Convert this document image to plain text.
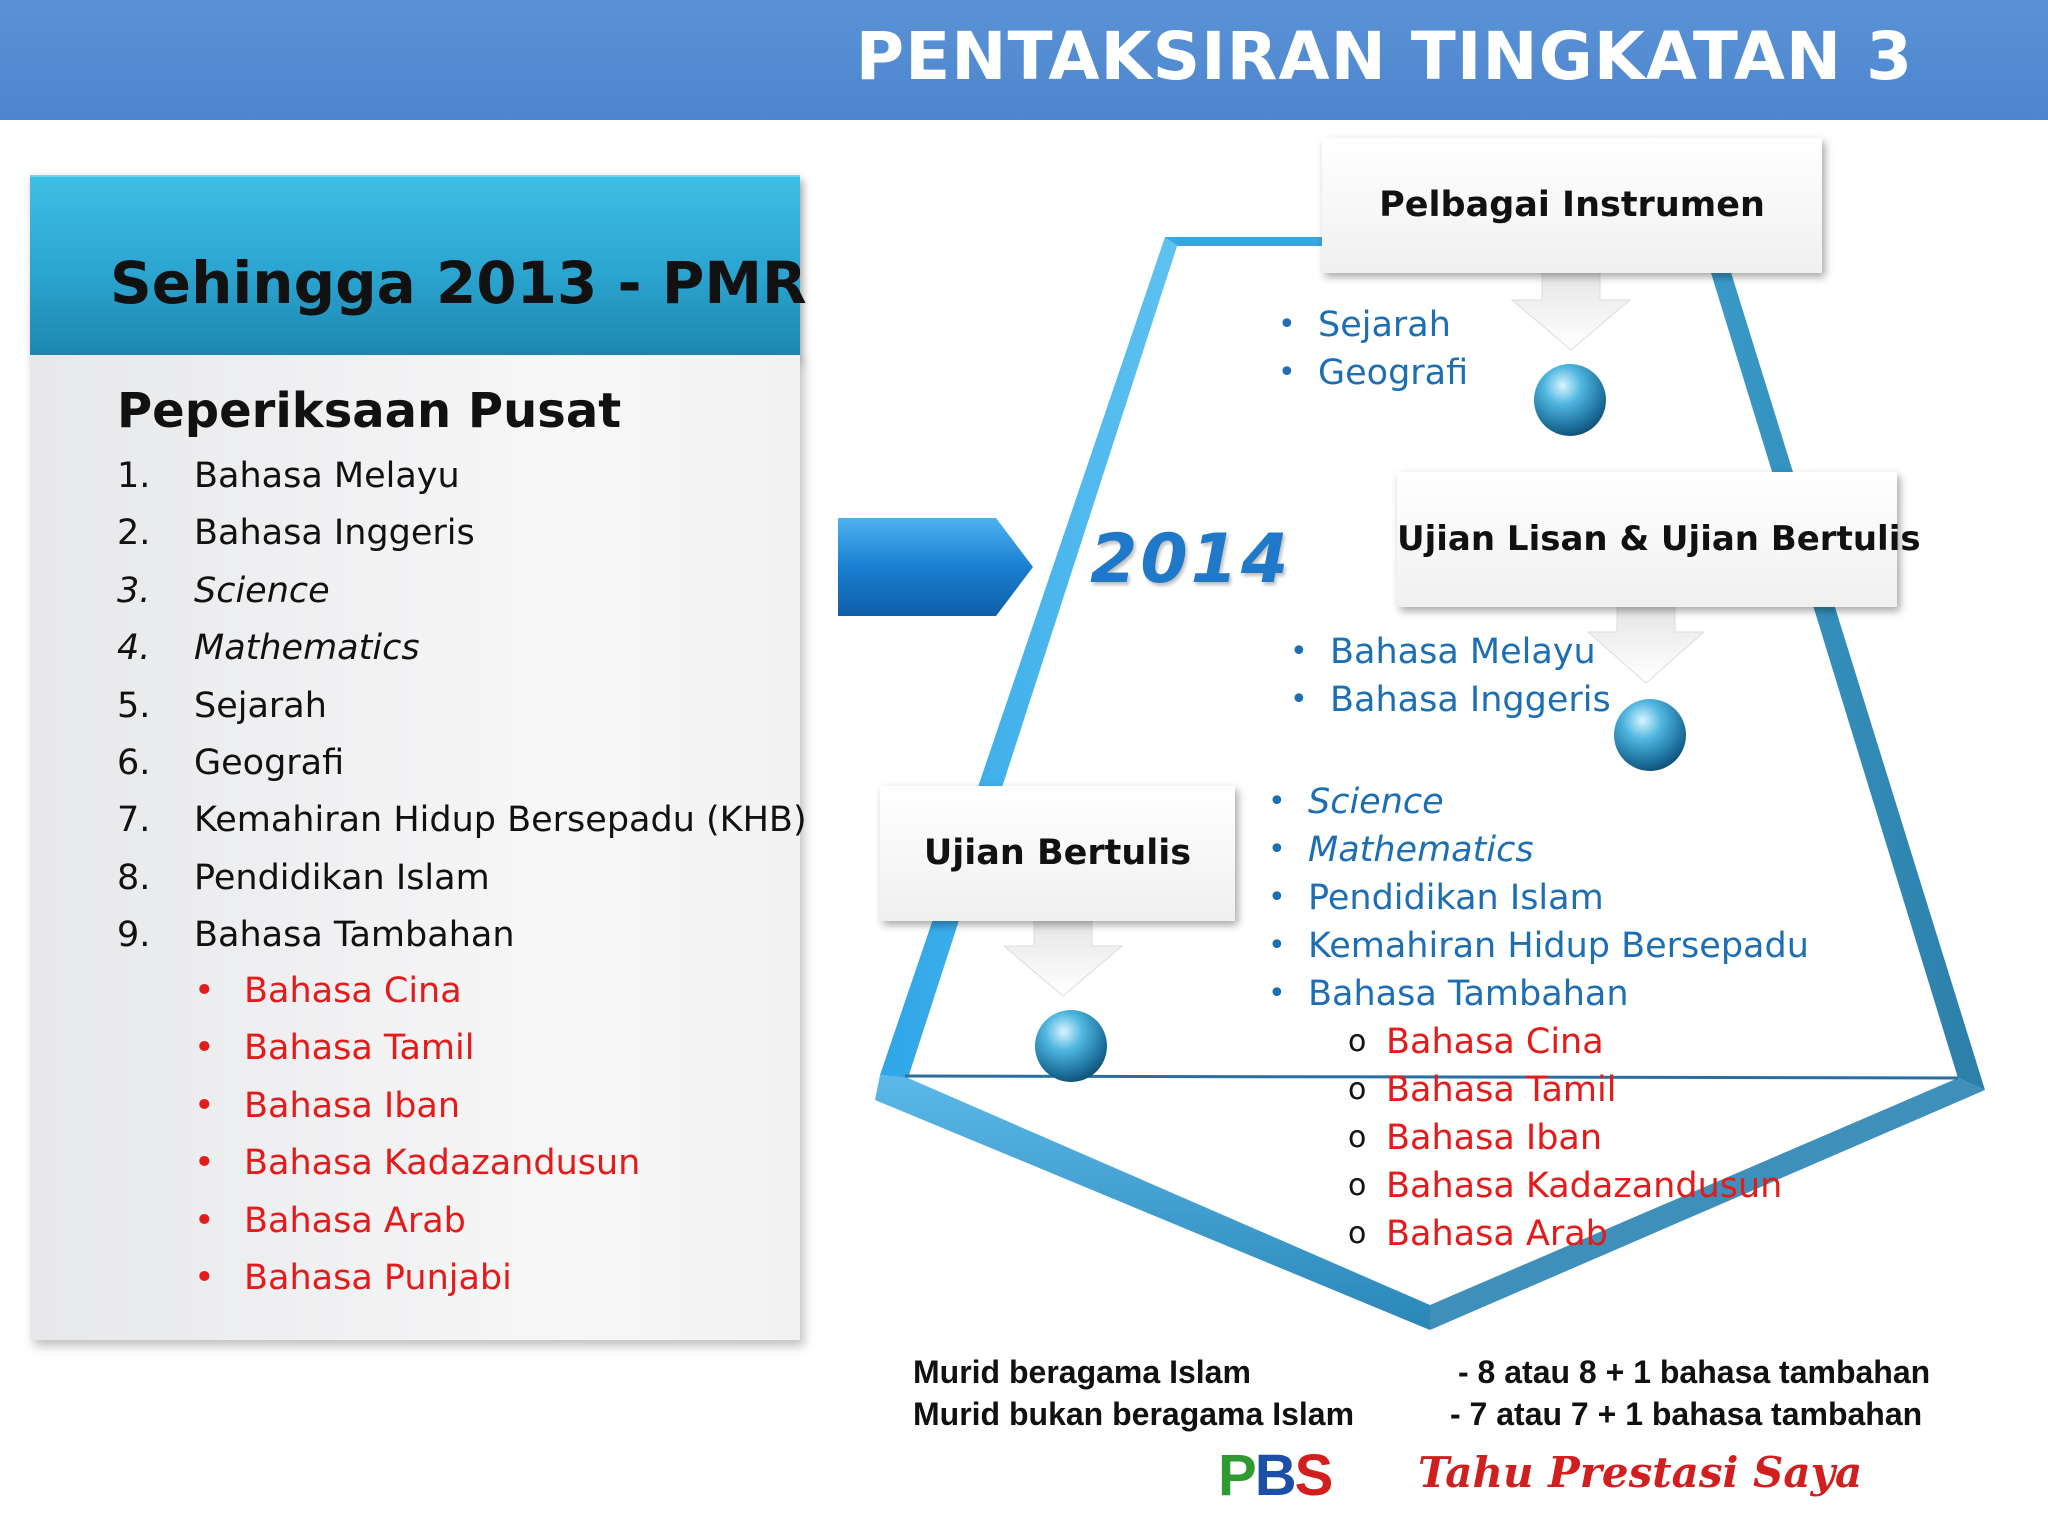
PENTAKSIRAN TINGKATAN 3
Sehingga 2013 - PMR
Peperiksaan Pusat
1. Bahasa Melayu
2. Bahasa Inggeris
3. Science
4. Mathematics
5. Sejarah
6. Geografi
7. Kemahiran Hidup Bersepadu (KHB)
8. Pendidikan Islam
9. Bahasa Tambahan
• Bahasa Cina
• Bahasa Tamil
• Bahasa Iban
• Bahasa Kadazandusun
• Bahasa Arab
• Bahasa Punjabi
2014
Pelbagai Instrumen
Ujian Lisan & Ujian Bertulis
Ujian Bertulis
• Sejarah
• Geografi
• Bahasa Melayu
• Bahasa Inggeris
• Science
• Mathematics
• Pendidikan Islam
• Kemahiran Hidup Bersepadu
• Bahasa Tambahan
o Bahasa Cina
o Bahasa Tamil
o Bahasa Iban
o Bahasa Kadazandusun
o Bahasa Arab
Murid beragama Islam	- 8 atau 8 + 1 bahasa tambahan
Murid bukan beragama Islam	- 7 atau 7 + 1 bahasa tambahan
PBS Tahu Prestasi Saya
